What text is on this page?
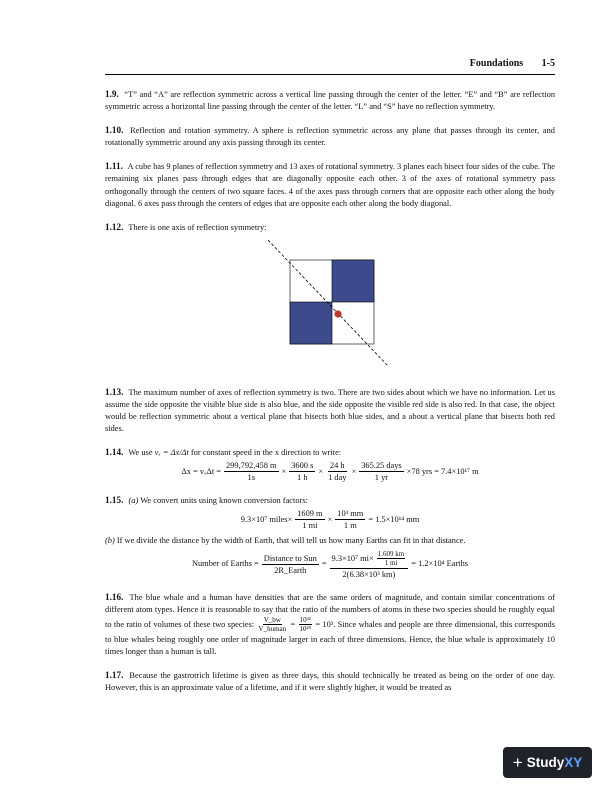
Foundations 1-5

1.9. “T” and “A” are reflection symmetric across a vertical line passing through the center of the letter. “E” and “B” are reflection symmetric across a horizontal line passing through the center of the letter. “L” and “S” have no reflection symmetry.

1.10. Reflection and rotation symmetry. A sphere is reflection symmetric across any plane that passes through its center, and rotationally symmetric around any axis passing through its center.

1.11. A cube has 9 planes of reflection symmetry and 13 axes of rotational symmetry. 3 planes each bisect four sides of the cube. The remaining six planes pass through edges that are diagonally opposite each other. 3 of the axes of rotational symmetry pass orthogonally through the centers of two square faces. 4 of the axes pass through corners that are opposite each other along the body diagonal. 6 axes pass through the centers of edges that are opposite each other along the body diagonal.

1.12. There is one axis of reflection symmetry:

1.13. The maximum number of axes of reflection symmetry is two. There are two sides about which we have no information. Let us assume the side opposite the visible blue side is also blue, and the side opposite the visible red side is also red. In that case, the object would be reflection symmetric about a vertical plane that bisects both blue sides, and a about a vertical plane that bisects both red sides.

1.14. We use vₓ = Δx/Δt for constant speed in the x direction to write:
$\Delta x = v_x\Delta t = \frac{299,792,458 m}{1s} \times \frac{3600 s}{1 h} \times \frac{24 h}{\text{1 day}} \times \frac{\text{365.25 days}}{1 yr} \times 78$ yrs = 7.4×10¹⁷ m
1.15. (a) We convert units using known conversion factors:
9.3×10⁷ miles× $\frac{1609 m}{1 mi} \times \frac{\text{10³ mm}}{1 m} = 1.5\times 10^{14}$ mm
(b) If we divide the distance by the width of Earth, that will tell us how many Earths can fit in that distance.
Number of Earths = $\frac{\text{Distance to Sun}}{\text{2R\_Earth}} = \frac{9.3\times 10^7 mi\times \frac{1.609 km}{1 mi}}{\text{2(6.38×10³ km)}} = 1.2\times 10^4$ Earths

1.16. The blue whale and a human have densities that are the same orders of magnitude, and contain similar concentrations of different atom types. Hence it is reasonable to say that the ratio of the numbers of atoms in these two species should be roughly equal to the ratio of volumes of these two species: $\frac{V\_bw}{\text{V\_human}} = \frac{\text{10³²}}{\text{10²⁹}} = 10^3$. Since whales and people are three dimensional, this corresponds to blue whales being roughly one order of magnitude larger in each of three dimensions. Hence, the blue whale is approximately 10 times longer than a human is tall.

1.17. Because the gastrotrich lifetime is given as three days, this should technically be treated as being on the order of one day. However, this is an approximate value of a lifetime, and if it were slightly higher, it would be treated as

+ Study XY
